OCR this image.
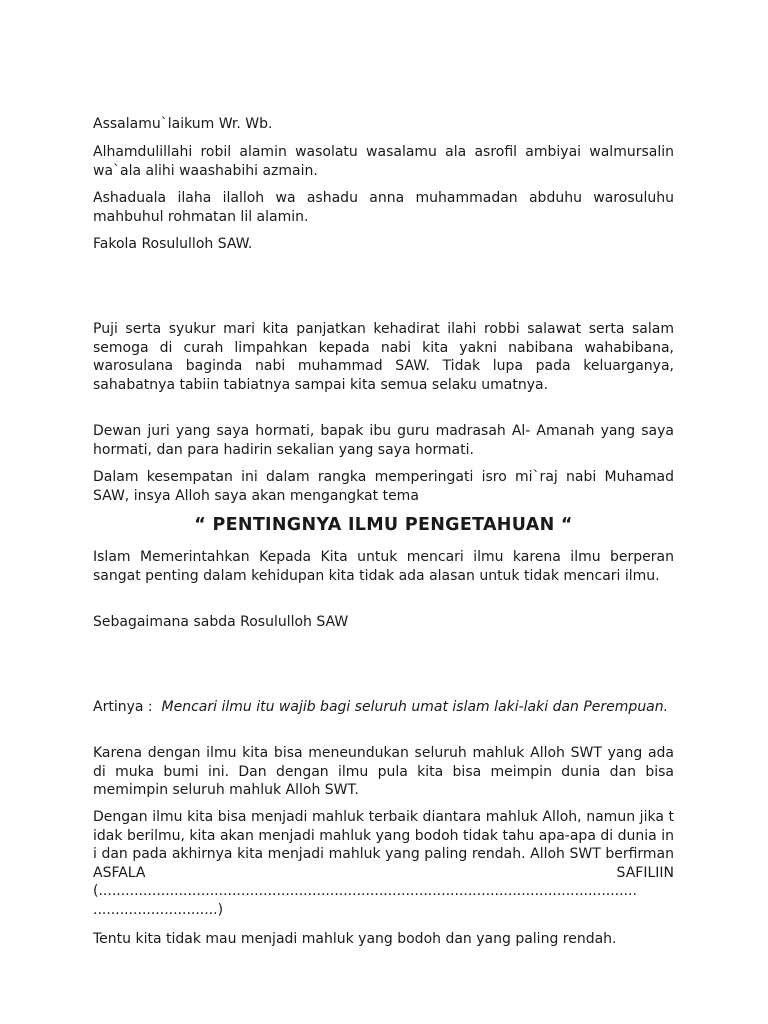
Assalamu`laikum Wr. Wb.

Alhamdulillahi robil alamin wasolatu wasalamu ala asrofil ambiyai walmursalin wa`ala alihi waashabihi azmain.

Ashaduala ilaha ilalloh wa ashadu anna muhammadan abduhu warosuluhu mahbuhul rohmatan lil alamin.

Fakola Rosululloh SAW.

Puji serta syukur mari kita panjatkan kehadirat ilahi robbi salawat serta salam semoga di curah limpahkan kepada nabi kita yakni nabibana wahabibana, warosulana baginda nabi muhammad SAW. Tidak lupa pada keluarganya, sahabatnya tabiin tabiatnya sampai kita semua selaku umatnya.

Dewan juri yang saya hormati, bapak ibu guru madrasah Al- Amanah yang saya hormati, dan para hadirin sekalian yang saya hormati.

Dalam kesempatan ini dalam rangka memperingati isro mi`raj nabi Muhamad SAW, insya Alloh saya akan mengangkat tema

“ PENTINGNYA ILMU PENGETAHUAN “

Islam Memerintahkan Kepada Kita untuk mencari ilmu karena ilmu berperan sangat penting dalam kehidupan kita tidak ada alasan untuk tidak mencari ilmu.

Sebagaimana sabda Rosululloh SAW

Artinya : Mencari ilmu itu wajib bagi seluruh umat islam laki-laki dan Perempuan.

Karena dengan ilmu kita bisa meneundukan seluruh mahluk Alloh SWT yang ada di muka bumi ini. Dan dengan ilmu pula kita bisa meimpin dunia dan bisa memimpin seluruh mahluk Alloh SWT.

Dengan ilmu kita bisa menjadi mahluk terbaik diantara mahluk Alloh, namun jika tidak berilmu, kita akan menjadi mahluk yang bodoh tidak tahu apa-apa di dunia ini dan pada akhirnya kita menjadi mahluk yang paling rendah. Alloh SWT berfirman ASFALA SAFILIIN (.........................................................................................................................

............................)

Tentu kita tidak mau menjadi mahluk yang bodoh dan yang paling rendah.
